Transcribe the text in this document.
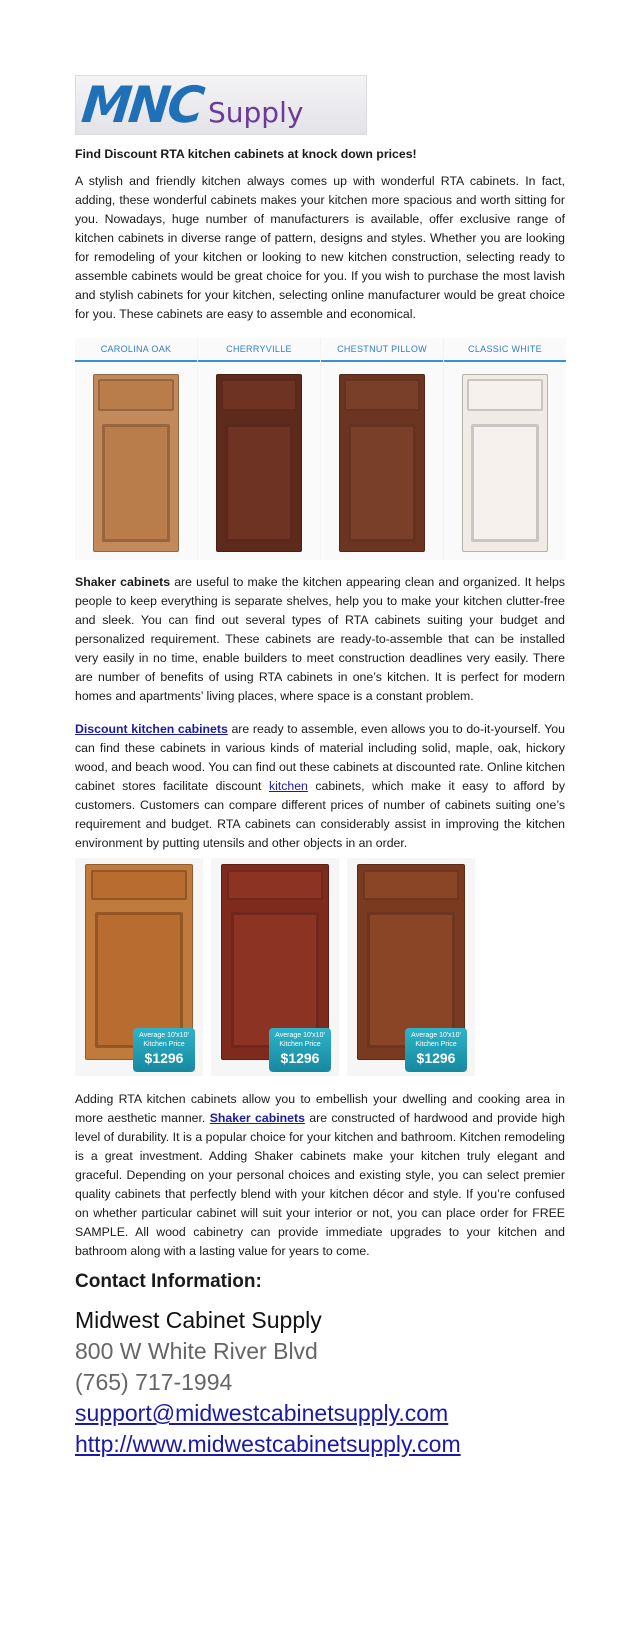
MNC Supply
Find Discount RTA kitchen cabinets at knock down prices!

A stylish and friendly kitchen always comes up with wonderful RTA cabinets. In fact, adding, these wonderful cabinets makes your kitchen more spacious and worth sitting for you. Nowadays, huge number of manufacturers is available, offer exclusive range of kitchen cabinets in diverse range of pattern, designs and styles. Whether you are looking for remodeling of your kitchen or looking to new kitchen construction, selecting ready to assemble cabinets would be great choice for you. If you wish to purchase the most lavish and stylish cabinets for your kitchen, selecting online manufacturer would be great choice for you. These cabinets are easy to assemble and economical.

CAROLINA OAK	CHERRYVILLE	CHESTNUT PILLOW	CLASSIC WHITE

Shaker cabinets are useful to make the kitchen appearing clean and organized. It helps people to keep everything is separate shelves, help you to make your kitchen clutter-free and sleek. You can find out several types of RTA cabinets suiting your budget and personalized requirement. These cabinets are ready-to-assemble that can be installed very easily in no time, enable builders to meet construction deadlines very easily. There are number of benefits of using RTA cabinets in one’s kitchen. It is perfect for modern homes and apartments’ living places, where space is a constant problem.

Discount kitchen cabinets are ready to assemble, even allows you to do-it-yourself. You can find these cabinets in various kinds of material including solid, maple, oak, hickory wood, and beach wood. You can find out these cabinets at discounted rate. Online kitchen cabinet stores facilitate discount kitchen cabinets, which make it easy to afford by customers. Customers can compare different prices of number of cabinets suiting one’s requirement and budget. RTA cabinets can considerably assist in improving the kitchen environment by putting utensils and other objects in an order.

Average 10'x10'
Kitchen Price
$1296
Average 10'x10'
Kitchen Price
$1296
Average 10'x10'
Kitchen Price
$1296

Adding RTA kitchen cabinets allow you to embellish your dwelling and cooking area in more aesthetic manner. Shaker cabinets are constructed of hardwood and provide high level of durability. It is a popular choice for your kitchen and bathroom. Kitchen remodeling is a great investment. Adding Shaker cabinets make your kitchen truly elegant and graceful. Depending on your personal choices and existing style, you can select premier quality cabinets that perfectly blend with your kitchen décor and style. If you’re confused on whether particular cabinet will suit your interior or not, you can place order for FREE SAMPLE. All wood cabinetry can provide immediate upgrades to your kitchen and bathroom along with a lasting value for years to come.

Contact Information:
Midwest Cabinet Supply
800 W White River Blvd
(765) 717-1994
support@midwestcabinetsupply.com
http://www.midwestcabinetsupply.com
